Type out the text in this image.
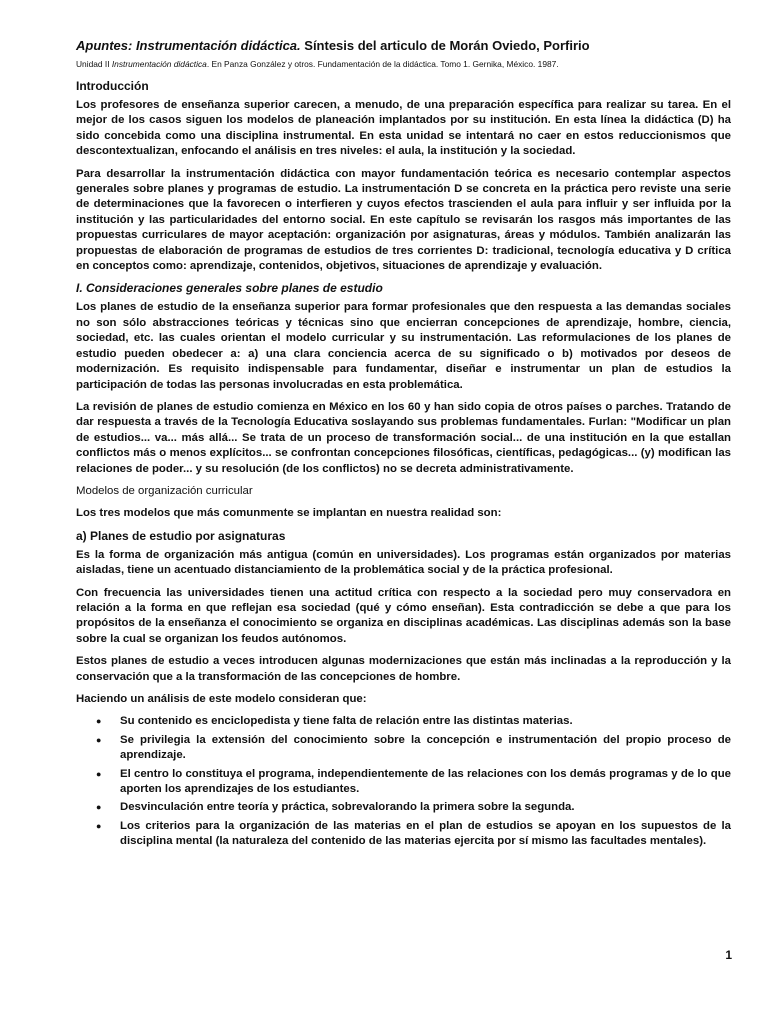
Apuntes: Instrumentación didáctica. Síntesis del articulo de Morán Oviedo, Porfirio
Unidad II Instrumentación didáctica. En Panza González y otros. Fundamentación de la didáctica. Tomo 1. Gernika, México. 1987.
Introducción

Los profesores de enseñanza superior carecen, a menudo, de una preparación específica para realizar su tarea. En el mejor de los casos siguen los modelos de planeación implantados por su institución. En esta línea la didáctica (D) ha sido concebida como una disciplina instrumental. En esta unidad se intentará no caer en estos reduccionismos que descontextualizan, enfocando el análisis en tres niveles: el aula, la institución y la sociedad.

Para desarrollar la instrumentación didáctica con mayor fundamentación teórica es necesario contemplar aspectos generales sobre planes y programas de estudio. La instrumentación D se concreta en la práctica pero reviste una serie de determinaciones que la favorecen o interfieren y cuyos efectos trascienden el aula para influir y ser influida por la institución y las particularidades del entorno social. En este capítulo se revisarán los rasgos más importantes de las propuestas curriculares de mayor aceptación: organización por asignaturas, áreas y módulos. También analizarán las propuestas de elaboración de programas de estudios de tres corrientes D: tradicional, tecnología educativa y D crítica en conceptos como: aprendizaje, contenidos, objetivos, situaciones de aprendizaje y evaluación.

I. Consideraciones generales sobre planes de estudio

Los planes de estudio de la enseñanza superior para formar profesionales que den respuesta a las demandas sociales no son sólo abstracciones teóricas y técnicas sino que encierran concepciones de aprendizaje, hombre, ciencia, sociedad, etc. las cuales orientan el modelo curricular y su instrumentación. Las reformulaciones de los planes de estudio pueden obedecer a: a) una clara conciencia acerca de su significado o b) motivados por deseos de modernización. Es requisito indispensable para fundamentar, diseñar e instrumentar un plan de estudios la participación de todas las personas involucradas en esta problemática.

La revisión de planes de estudio comienza en México en los 60 y han sido copia de otros países o parches. Tratando de dar respuesta a través de la Tecnología Educativa soslayando sus problemas fundamentales. Furlan: "Modificar un plan de estudios... va... más allá... Se trata de un proceso de transformación social... de una institución en la que estallan conflictos más o menos explícitos... se confrontan concepciones filosóficas, científicas, pedagógicas... (y) modifican las relaciones de poder... y su resolución (de los conflictos) no se decreta administrativamente.

Modelos de organización curricular

Los tres modelos que más comunmente se implantan en nuestra realidad son:

a) Planes de estudio por asignaturas

Es la forma de organización más antigua (común en universidades). Los programas están organizados por materias aisladas, tiene un acentuado distanciamiento de la problemática social y de la práctica profesional.

Con frecuencia las universidades tienen una actitud crítica con respecto a la sociedad pero muy conservadora en relación a la forma en que reflejan esa sociedad (qué y cómo enseñan). Esta contradicción se debe a que para los propósitos de la enseñanza el conocimiento se organiza en disciplinas académicas. Las disciplinas además son la base sobre la cual se organizan los feudos autónomos.

Estos planes de estudio a veces introducen algunas modernizaciones que están más inclinadas a la reproducción y la conservación que a la transformación de las concepciones de hombre.

Haciendo un análisis de este modelo consideran que:

● Su contenido es enciclopedista y tiene falta de relación entre las distintas materias.
● Se privilegia la extensión del conocimiento sobre la concepción e instrumentación del propio proceso de aprendizaje.
● El centro lo constituya el programa, independientemente de las relaciones con los demás programas y de lo que aporten los aprendizajes de los estudiantes.
● Desvinculación entre teoría y práctica, sobrevalorando la primera sobre la segunda.
● Los criterios para la organización de las materias en el plan de estudios se apoyan en los supuestos de la disciplina mental (la naturaleza del contenido de las materias ejercita por sí mismo las facultades mentales).
1
